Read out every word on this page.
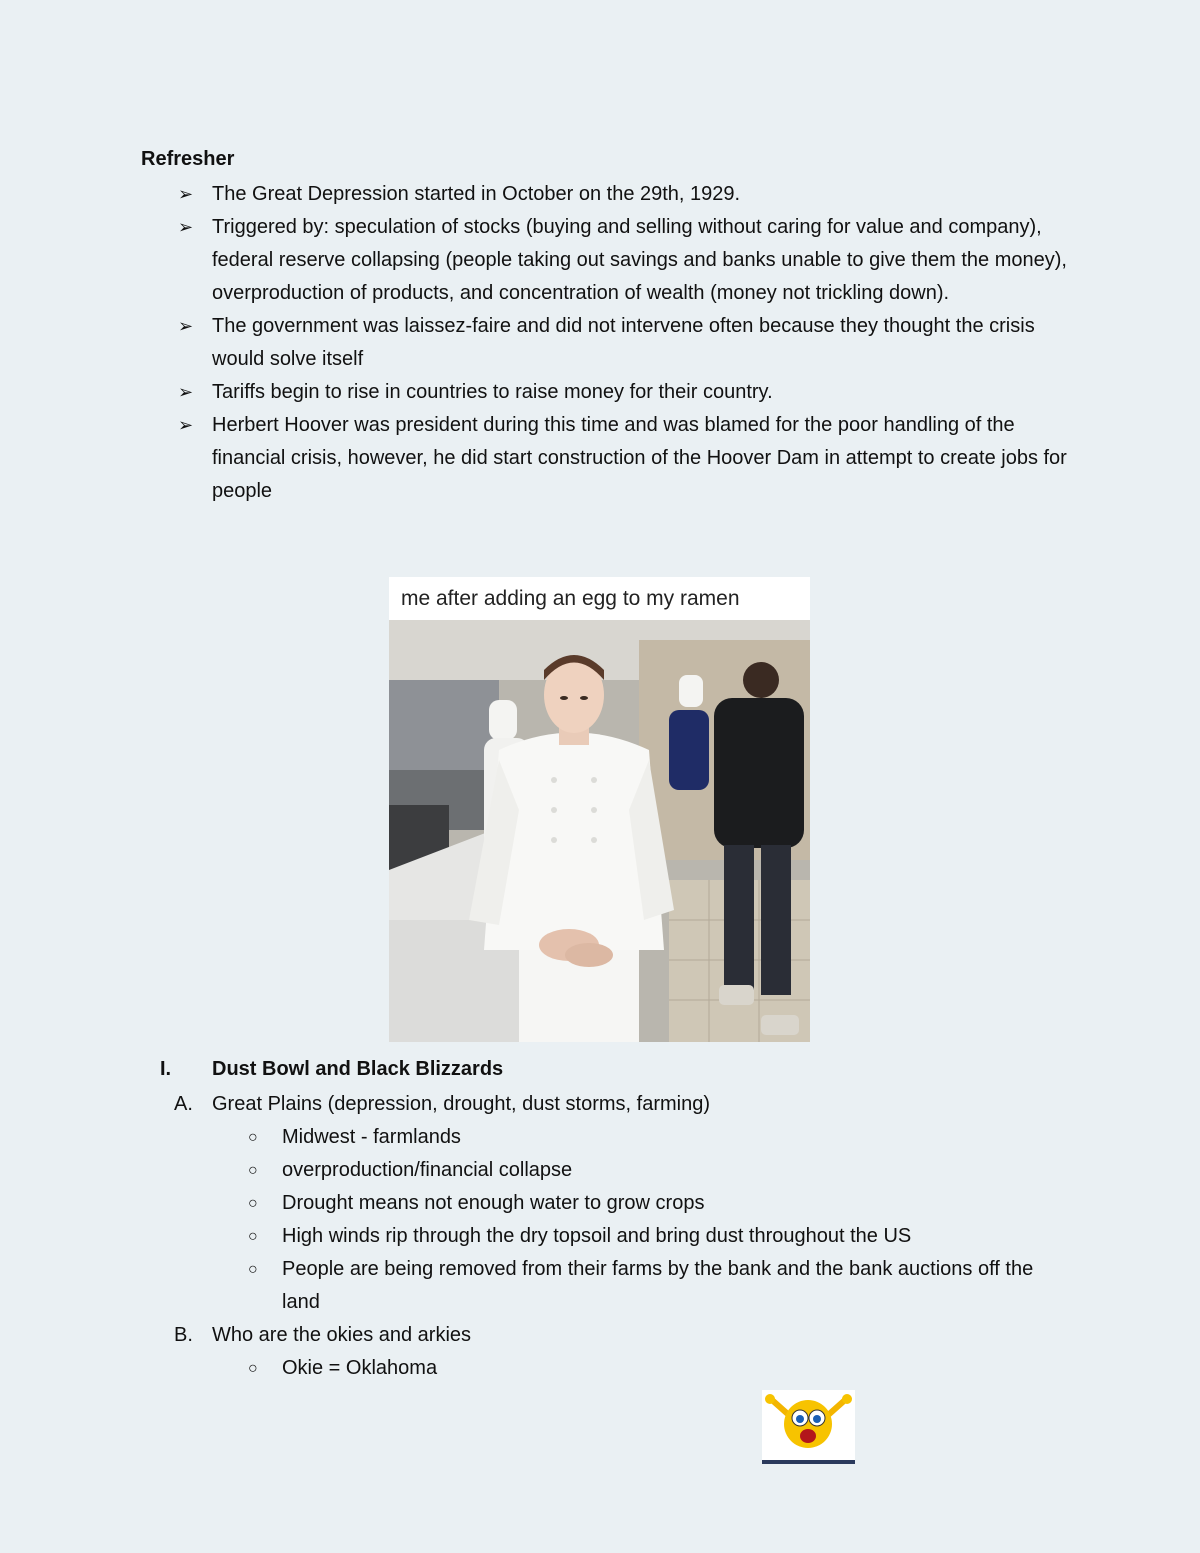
Refresher
➢ The Great Depression started in October on the 29th, 1929.
➢ Triggered by: speculation of stocks (buying and selling without caring for value and company), federal reserve collapsing (people taking out savings and banks unable to give them the money), overproduction of products, and concentration of wealth (money not trickling down).
➢ The government was laissez-faire and did not intervene often because they thought the crisis would solve itself
➢ Tariffs begin to rise in countries to raise money for their country.
➢ Herbert Hoover was president during this time and was blamed for the poor handling of the financial crisis, however, he did start construction of the Hoover Dam in attempt to create jobs for people
me after adding an egg to my ramen
I. Dust Bowl and Black Blizzards
A. Great Plains (depression, drought, dust storms, farming)
○ Midwest - farmlands
○ overproduction/financial collapse
○ Drought means not enough water to grow crops
○ High winds rip through the dry topsoil and bring dust throughout the US
○ People are being removed from their farms by the bank and the bank auctions off the land
B. Who are the okies and arkies
○ Okie = Oklahoma
